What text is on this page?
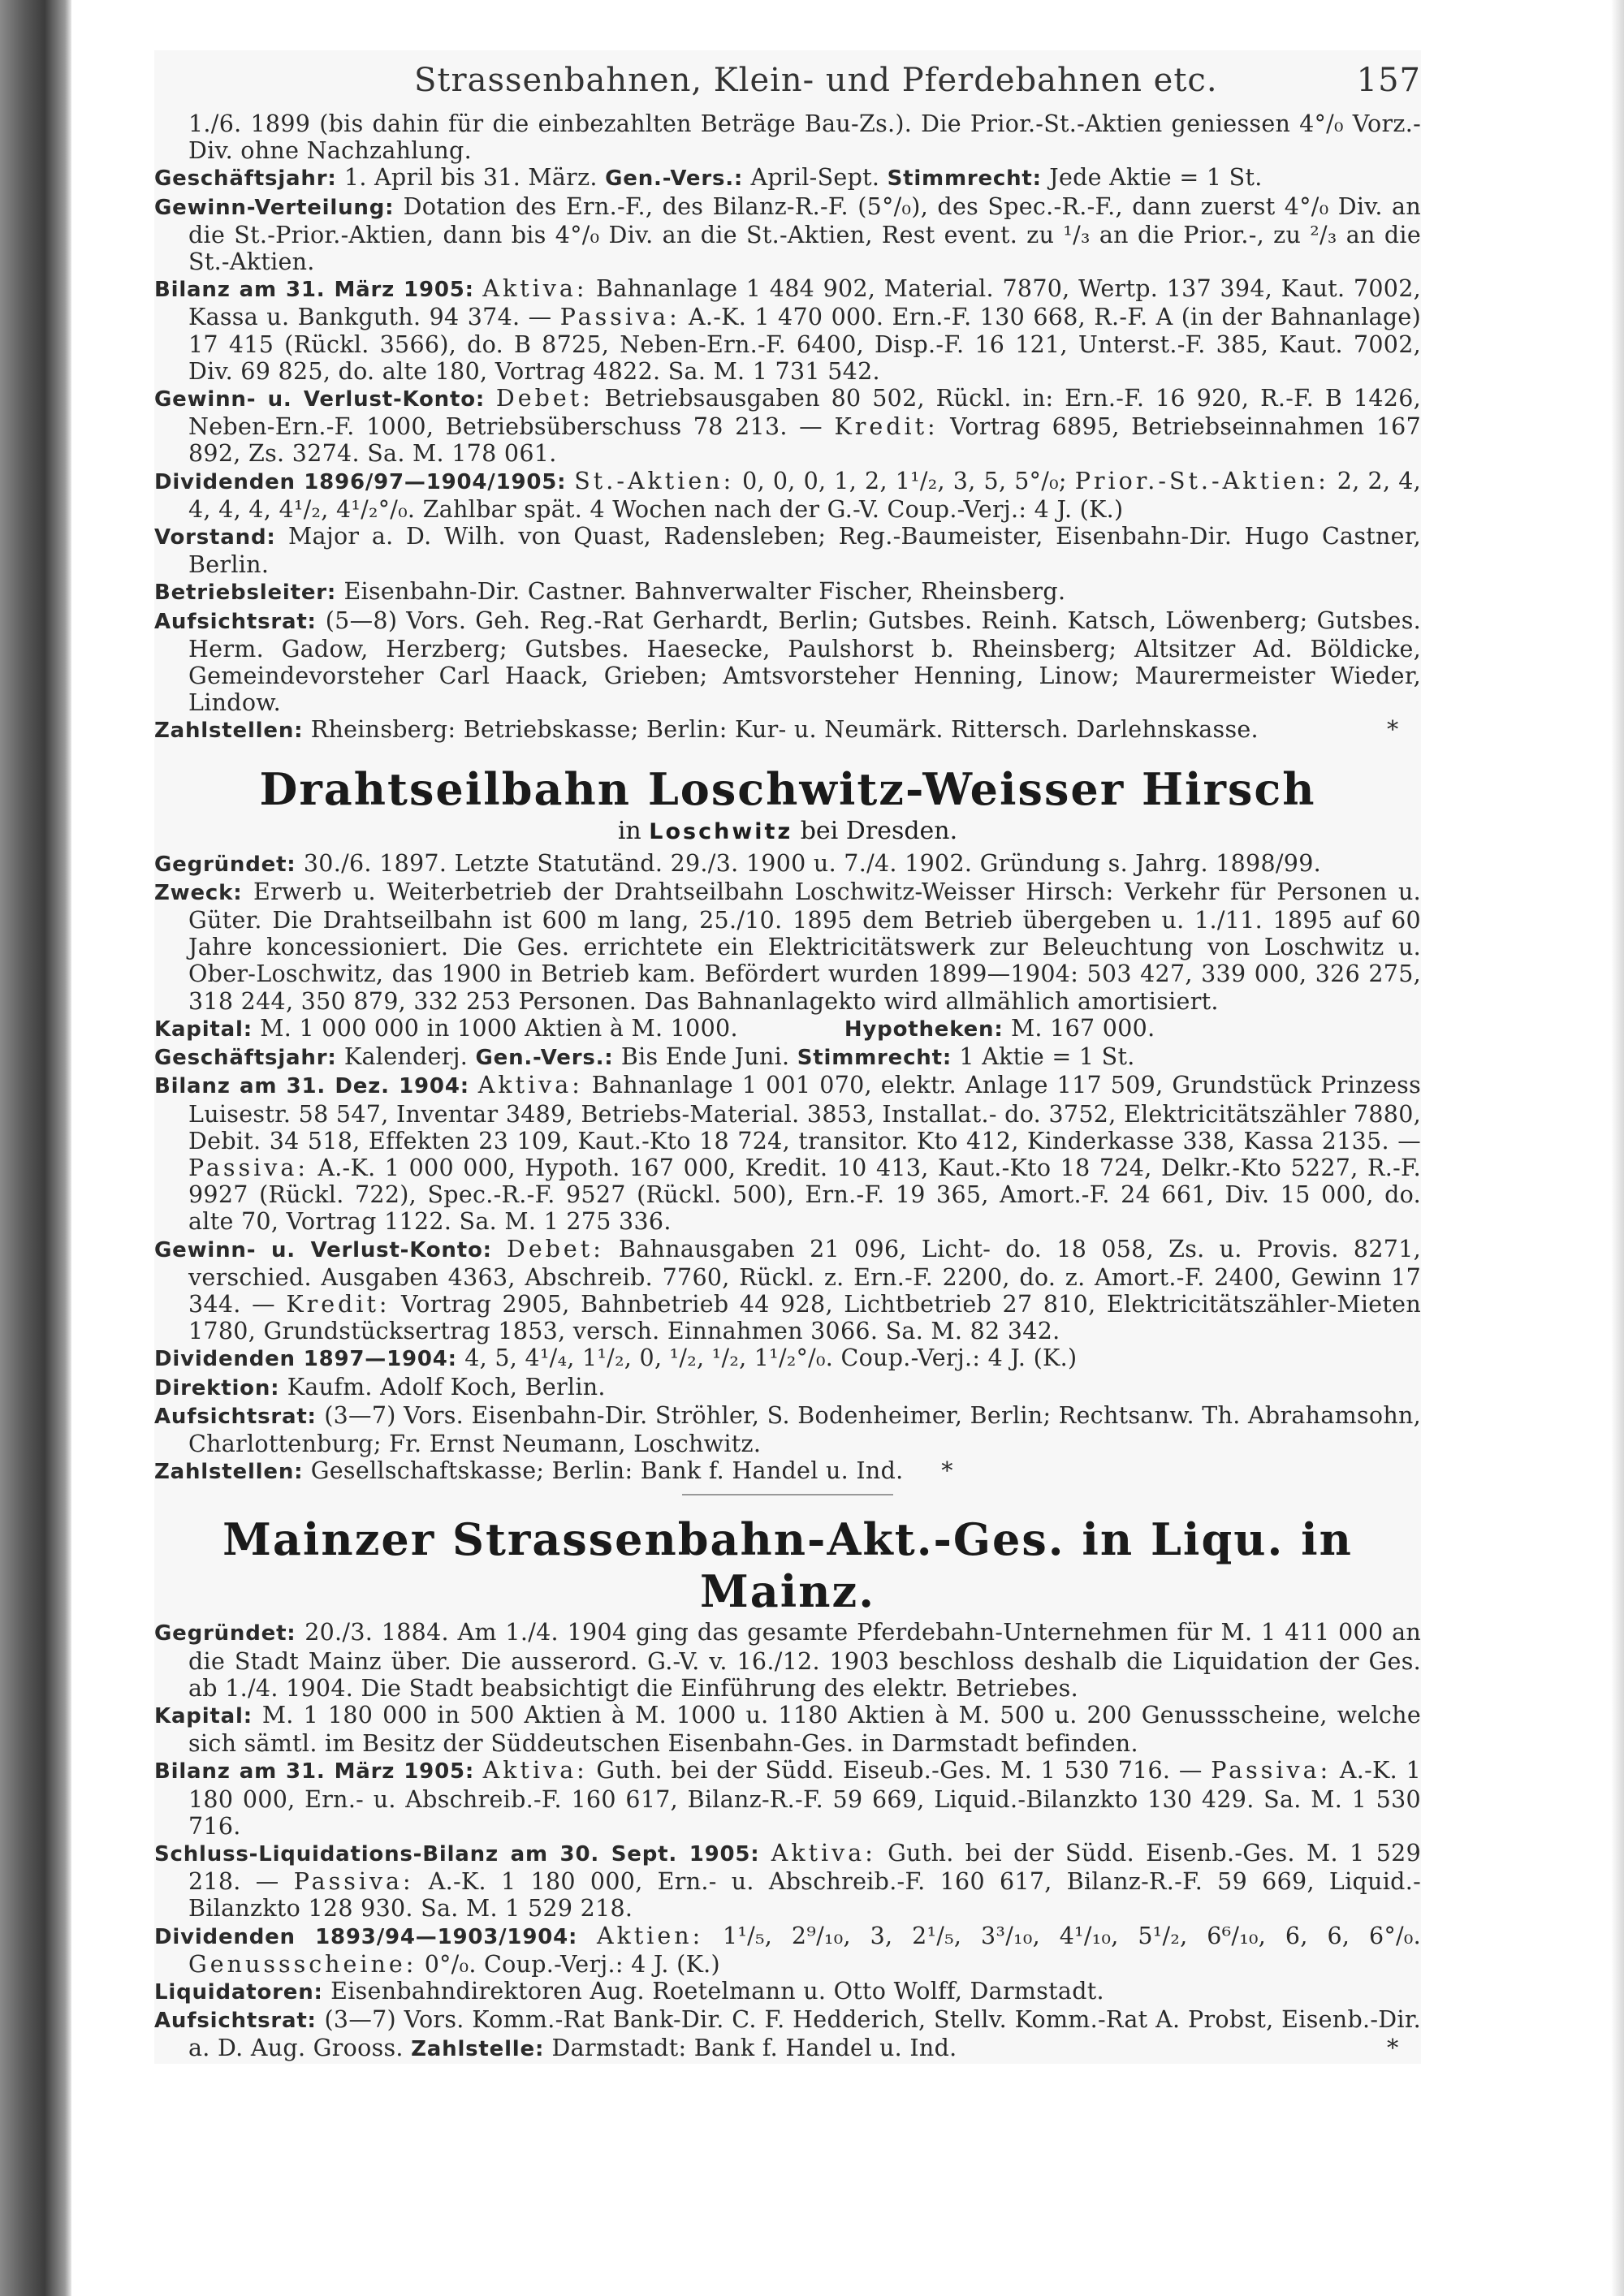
Strassenbahnen, Klein- und Pferdebahnen etc.	157

1./6. 1899 (bis dahin für die einbezahlten Beträge Bau-Zs.). Die Prior.-St.-Aktien geniessen 4°/₀ Vorz.-Div. ohne Nachzahlung.

Geschäftsjahr: 1. April bis 31. März. Gen.-Vers.: April-Sept. Stimmrecht: Jede Aktie = 1 St.

Gewinn-Verteilung: Dotation des Ern.-F., des Bilanz-R.-F. (5°/₀), des Spec.-R.-F., dann zuerst 4°/₀ Div. an die St.-Prior.-Aktien, dann bis 4°/₀ Div. an die St.-Aktien, Rest event. zu ¹/₃ an die Prior.-, zu ²/₃ an die St.-Aktien.

Bilanz am 31. März 1905: Aktiva: Bahnanlage 1 484 902, Material. 7870, Wertp. 137 394, Kaut. 7002, Kassa u. Bankguth. 94 374. — Passiva: A.-K. 1 470 000. Ern.-F. 130 668, R.-F. A (in der Bahnanlage) 17 415 (Rückl. 3566), do. B 8725, Neben-Ern.-F. 6400, Disp.-F. 16 121, Unterst.-F. 385, Kaut. 7002, Div. 69 825, do. alte 180, Vortrag 4822. Sa. M. 1 731 542.

Gewinn- u. Verlust-Konto: Debet: Betriebsausgaben 80 502, Rückl. in: Ern.-F. 16 920, R.-F. B 1426, Neben-Ern.-F. 1000, Betriebsüberschuss 78 213. — Kredit: Vortrag 6895, Betriebseinnahmen 167 892, Zs. 3274. Sa. M. 178 061.

Dividenden 1896/97—1904/1905: St.-Aktien: 0, 0, 0, 1, 2, 1¹/₂, 3, 5, 5°/₀; Prior.-St.-Aktien: 2, 2, 4, 4, 4, 4, 4¹/₂, 4¹/₂°/₀. Zahlbar spät. 4 Wochen nach der G.-V. Coup.-Verj.: 4 J. (K.)

Vorstand: Major a. D. Wilh. von Quast, Radensleben; Reg.-Baumeister, Eisenbahn-Dir. Hugo Castner, Berlin.

Betriebsleiter: Eisenbahn-Dir. Castner. Bahnverwalter Fischer, Rheinsberg.

Aufsichtsrat: (5—8) Vors. Geh. Reg.-Rat Gerhardt, Berlin; Gutsbes. Reinh. Katsch, Löwenberg; Gutsbes. Herm. Gadow, Herzberg; Gutsbes. Haesecke, Paulshorst b. Rheinsberg; Altsitzer Ad. Böldicke, Gemeindevorsteher Carl Haack, Grieben; Amtsvorsteher Henning, Linow; Maurermeister Wieder, Lindow.

Zahlstellen: Rheinsberg: Betriebskasse; Berlin: Kur- u. Neumärk. Rittersch. Darlehnskasse.	*

Drahtseilbahn Loschwitz-Weisser Hirsch
in Loschwitz bei Dresden.

Gegründet: 30./6. 1897. Letzte Statutänd. 29./3. 1900 u. 7./4. 1902. Gründung s. Jahrg. 1898/99.

Zweck: Erwerb u. Weiterbetrieb der Drahtseilbahn Loschwitz-Weisser Hirsch: Verkehr für Personen u. Güter. Die Drahtseilbahn ist 600 m lang, 25./10. 1895 dem Betrieb übergeben u. 1./11. 1895 auf 60 Jahre koncessioniert. Die Ges. errichtete ein Elektricitätswerk zur Beleuchtung von Loschwitz u. Ober-Loschwitz, das 1900 in Betrieb kam. Befördert wurden 1899—1904: 503 427, 339 000, 326 275, 318 244, 350 879, 332 253 Personen. Das Bahnanlagekto wird allmählich amortisiert.

Kapital: M. 1 000 000 in 1000 Aktien à M. 1000.	Hypotheken: M. 167 000.

Geschäftsjahr: Kalenderj. Gen.-Vers.: Bis Ende Juni. Stimmrecht: 1 Aktie = 1 St.

Bilanz am 31. Dez. 1904: Aktiva: Bahnanlage 1 001 070, elektr. Anlage 117 509, Grundstück Prinzess Luisestr. 58 547, Inventar 3489, Betriebs-Material. 3853, Installat.- do. 3752, Elektricitätszähler 7880, Debit. 34 518, Effekten 23 109, Kaut.-Kto 18 724, transitor. Kto 412, Kinderkasse 338, Kassa 2135. — Passiva: A.-K. 1 000 000, Hypoth. 167 000, Kredit. 10 413, Kaut.-Kto 18 724, Delkr.-Kto 5227, R.-F. 9927 (Rückl. 722), Spec.-R.-F. 9527 (Rückl. 500), Ern.-F. 19 365, Amort.-F. 24 661, Div. 15 000, do. alte 70, Vortrag 1122. Sa. M. 1 275 336.

Gewinn- u. Verlust-Konto: Debet: Bahnausgaben 21 096, Licht- do. 18 058, Zs. u. Provis. 8271, verschied. Ausgaben 4363, Abschreib. 7760, Rückl. z. Ern.-F. 2200, do. z. Amort.-F. 2400, Gewinn 17 344. — Kredit: Vortrag 2905, Bahnbetrieb 44 928, Lichtbetrieb 27 810, Elektricitätszähler-Mieten 1780, Grundstücksertrag 1853, versch. Einnahmen 3066. Sa. M. 82 342.

Dividenden 1897—1904: 4, 5, 4¹/₄, 1¹/₂, 0, ¹/₂, ¹/₂, 1¹/₂°/₀. Coup.-Verj.: 4 J. (K.)

Direktion: Kaufm. Adolf Koch, Berlin.

Aufsichtsrat: (3—7) Vors. Eisenbahn-Dir. Ströhler, S. Bodenheimer, Berlin; Rechtsanw. Th. Abrahamsohn, Charlottenburg; Fr. Ernst Neumann, Loschwitz.

Zahlstellen: Gesellschaftskasse; Berlin: Bank f. Handel u. Ind. *

Mainzer Strassenbahn-Akt.-Ges. in Liqu. in Mainz.

Gegründet: 20./3. 1884. Am 1./4. 1904 ging das gesamte Pferdebahn-Unternehmen für M. 1 411 000 an die Stadt Mainz über. Die ausserord. G.-V. v. 16./12. 1903 beschloss deshalb die Liquidation der Ges. ab 1./4. 1904. Die Stadt beabsichtigt die Einführung des elektr. Betriebes.

Kapital: M. 1 180 000 in 500 Aktien à M. 1000 u. 1180 Aktien à M. 500 u. 200 Genussscheine, welche sich sämtl. im Besitz der Süddeutschen Eisenbahn-Ges. in Darmstadt befinden.

Bilanz am 31. März 1905: Aktiva: Guth. bei der Südd. Eiseub.-Ges. M. 1 530 716. — Passiva: A.-K. 1 180 000, Ern.- u. Abschreib.-F. 160 617, Bilanz-R.-F. 59 669, Liquid.-Bilanzkto 130 429. Sa. M. 1 530 716.

Schluss-Liquidations-Bilanz am 30. Sept. 1905: Aktiva: Guth. bei der Südd. Eisenb.-Ges. M. 1 529 218. — Passiva: A.-K. 1 180 000, Ern.- u. Abschreib.-F. 160 617, Bilanz-R.-F. 59 669, Liquid.-Bilanzkto 128 930. Sa. M. 1 529 218.

Dividenden 1893/94—1903/1904: Aktien: 1¹/₅, 2⁹/₁₀, 3, 2¹/₅, 3³/₁₀, 4¹/₁₀, 5¹/₂, 6⁶/₁₀, 6, 6, 6°/₀. Genussscheine: 0°/₀. Coup.-Verj.: 4 J. (K.)

Liquidatoren: Eisenbahndirektoren Aug. Roetelmann u. Otto Wolff, Darmstadt.

Aufsichtsrat: (3—7) Vors. Komm.-Rat Bank-Dir. C. F. Hedderich, Stellv. Komm.-Rat A. Probst, Eisenb.-Dir. a. D. Aug. Grooss. Zahlstelle: Darmstadt: Bank f. Handel u. Ind.	*
